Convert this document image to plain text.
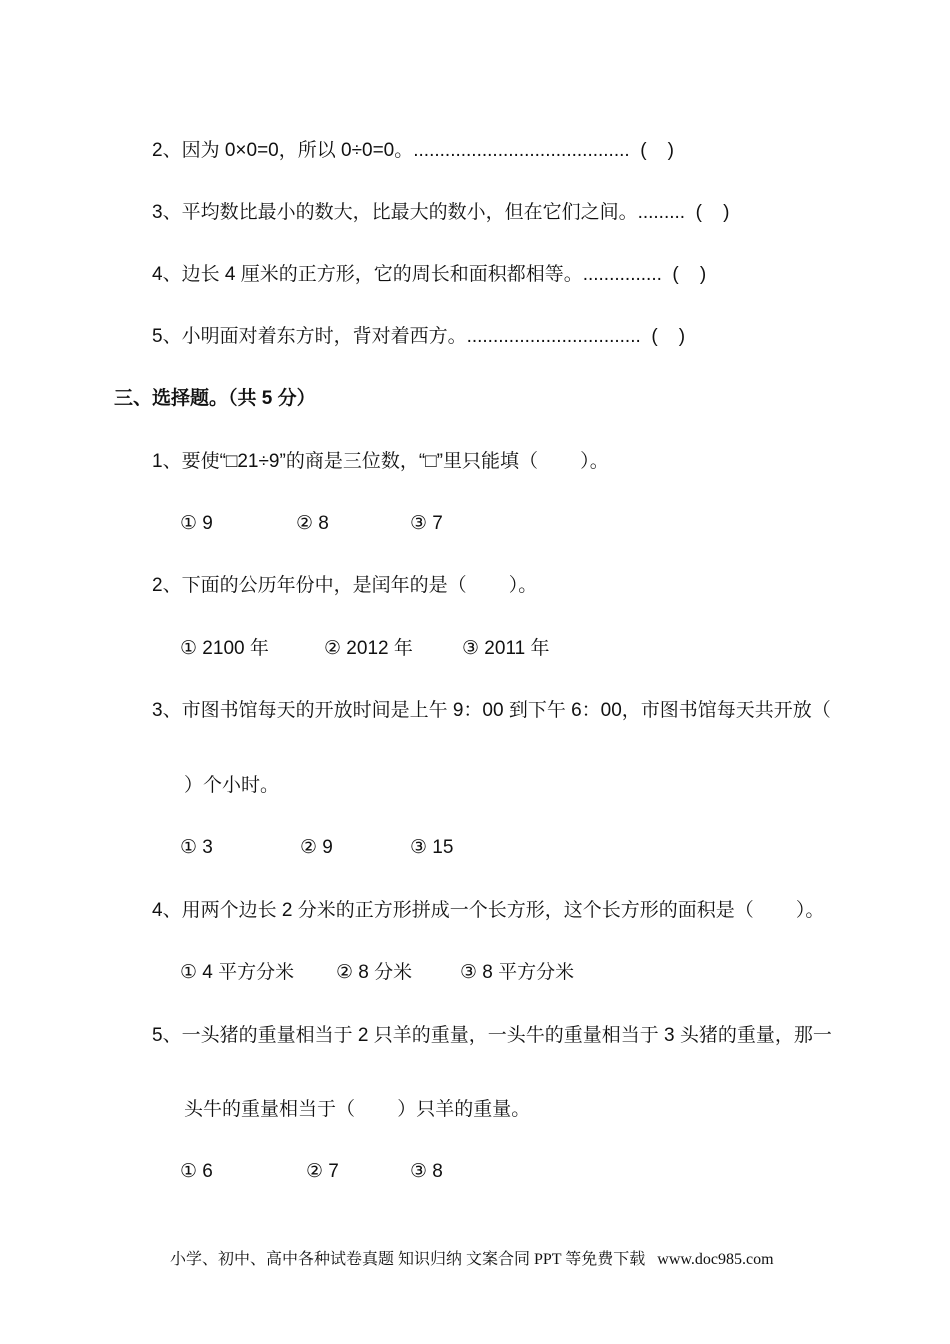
2、因为 0×0=0，所以 0÷0=0。.........................................  (    )
3、平均数比最小的数大，比最大的数小，但在它们之间。.........  (    )
4、边长 4 厘米的正方形，它的周长和面积都相等。...............  (    )
5、小明面对着东方时，背对着西方。.................................  (    )
三、选择题。（共 5 分）
1、要使“□21÷9”的商是三位数，“□”里只能填（        ）。
① 9	② 8	③ 7
2、下面的公历年份中，是闰年的是（        ）。
① 2100 年	② 2012 年	③ 2011 年
3、市图书馆每天的开放时间是上午 9：00 到下午 6：00，市图书馆每天共开放（
）个小时。
① 3	② 9	③ 15
4、用两个边长 2 分米的正方形拼成一个长方形，这个长方形的面积是（        ）。
① 4 平方分米 ② 8 分米	③ 8 平方分米
5、一头猪的重量相当于 2 只羊的重量，一头牛的重量相当于 3 头猪的重量，那一
头牛的重量相当于（        ）只羊的重量。
① 6	② 7	③ 8
小学、初中、高中各种试卷真题 知识归纳 文案合同 PPT 等免费下载   www.doc985.com
